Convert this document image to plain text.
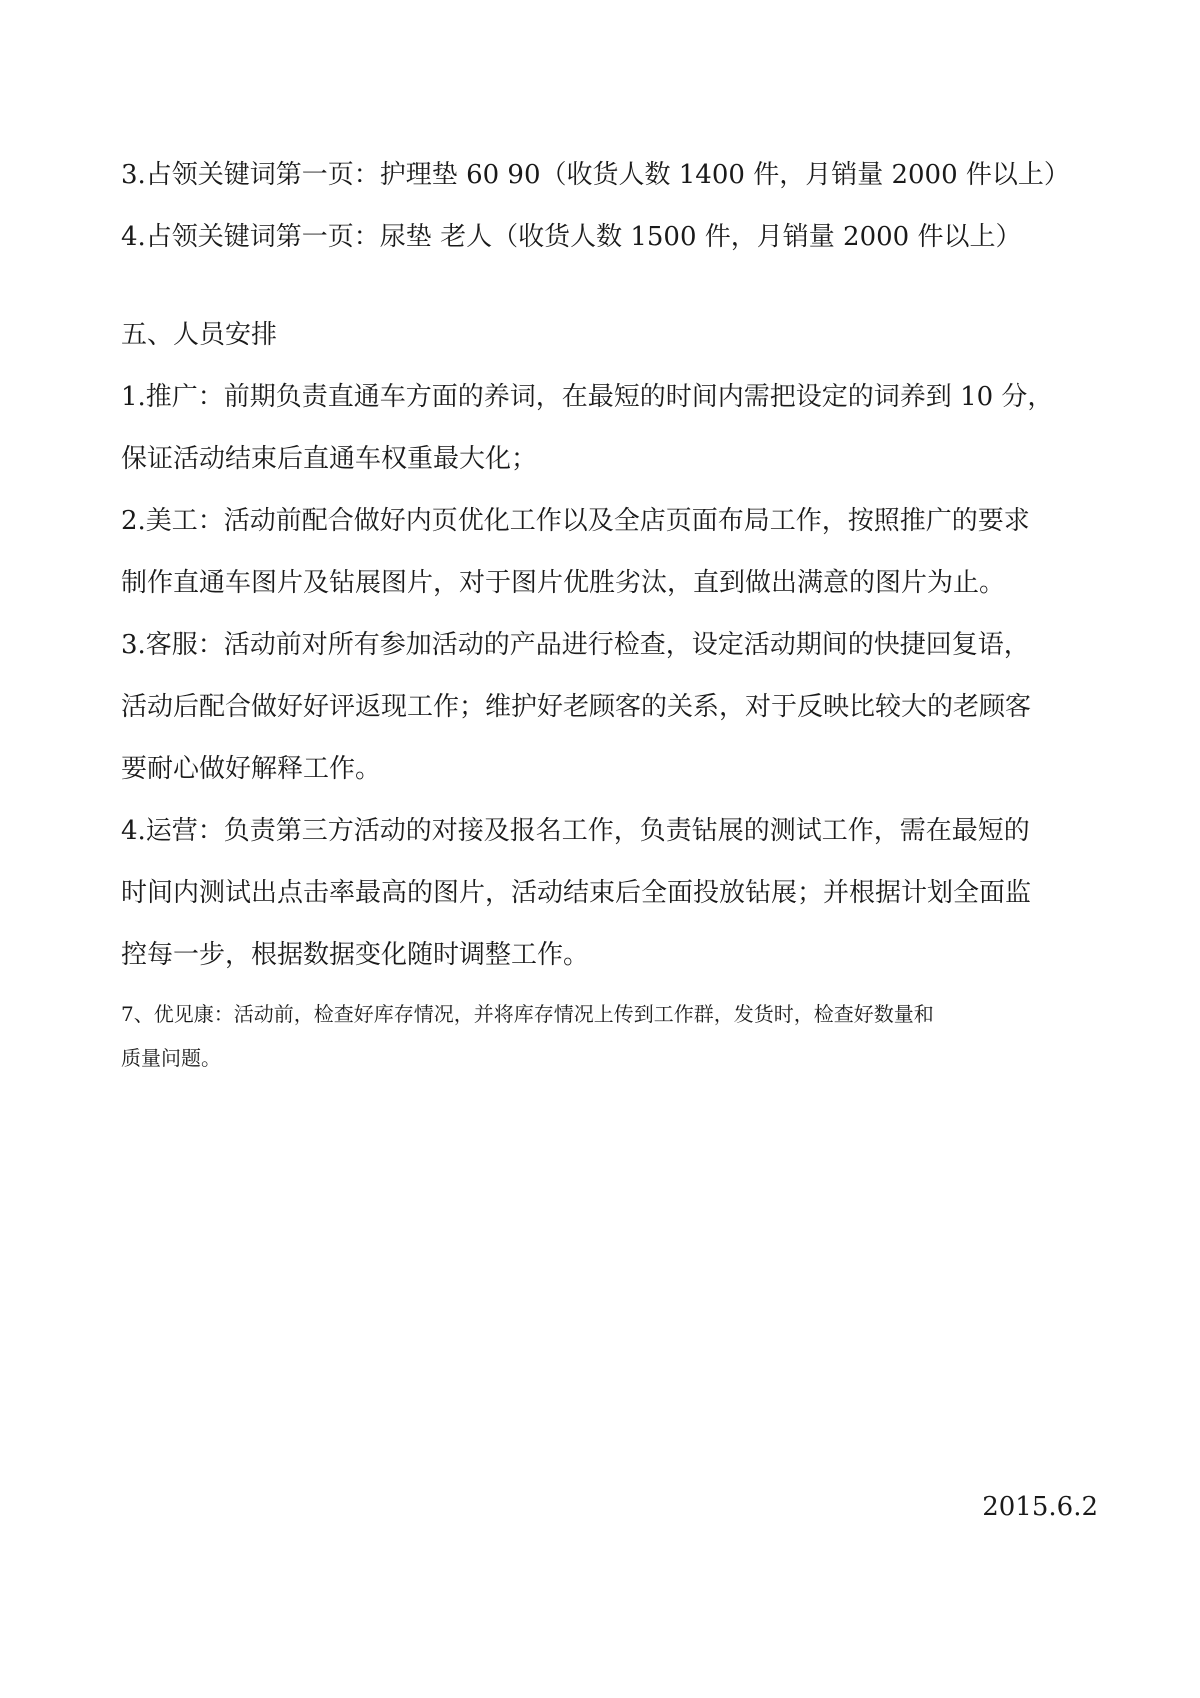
3.占领关键词第一页：护理垫 60 90（收货人数 1400 件，月销量 2000 件以上）
4.占领关键词第一页：尿垫 老人（收货人数 1500 件，月销量 2000 件以上）
五、人员安排
1.推广：前期负责直通车方面的养词，在最短的时间内需把设定的词养到 10 分，
保证活动结束后直通车权重最大化；
2.美工：活动前配合做好内页优化工作以及全店页面布局工作，按照推广的要求
制作直通车图片及钻展图片，对于图片优胜劣汰，直到做出满意的图片为止。
3.客服：活动前对所有参加活动的产品进行检查，设定活动期间的快捷回复语，
活动后配合做好好评返现工作；维护好老顾客的关系，对于反映比较大的老顾客
要耐心做好解释工作。
4.运营：负责第三方活动的对接及报名工作，负责钻展的测试工作，需在最短的
时间内测试出点击率最高的图片，活动结束后全面投放钻展；并根据计划全面监
控每一步，根据数据变化随时调整工作。
7、优见康：活动前，检查好库存情况，并将库存情况上传到工作群，发货时，检查好数量和
质量问题。
2015.6.2
